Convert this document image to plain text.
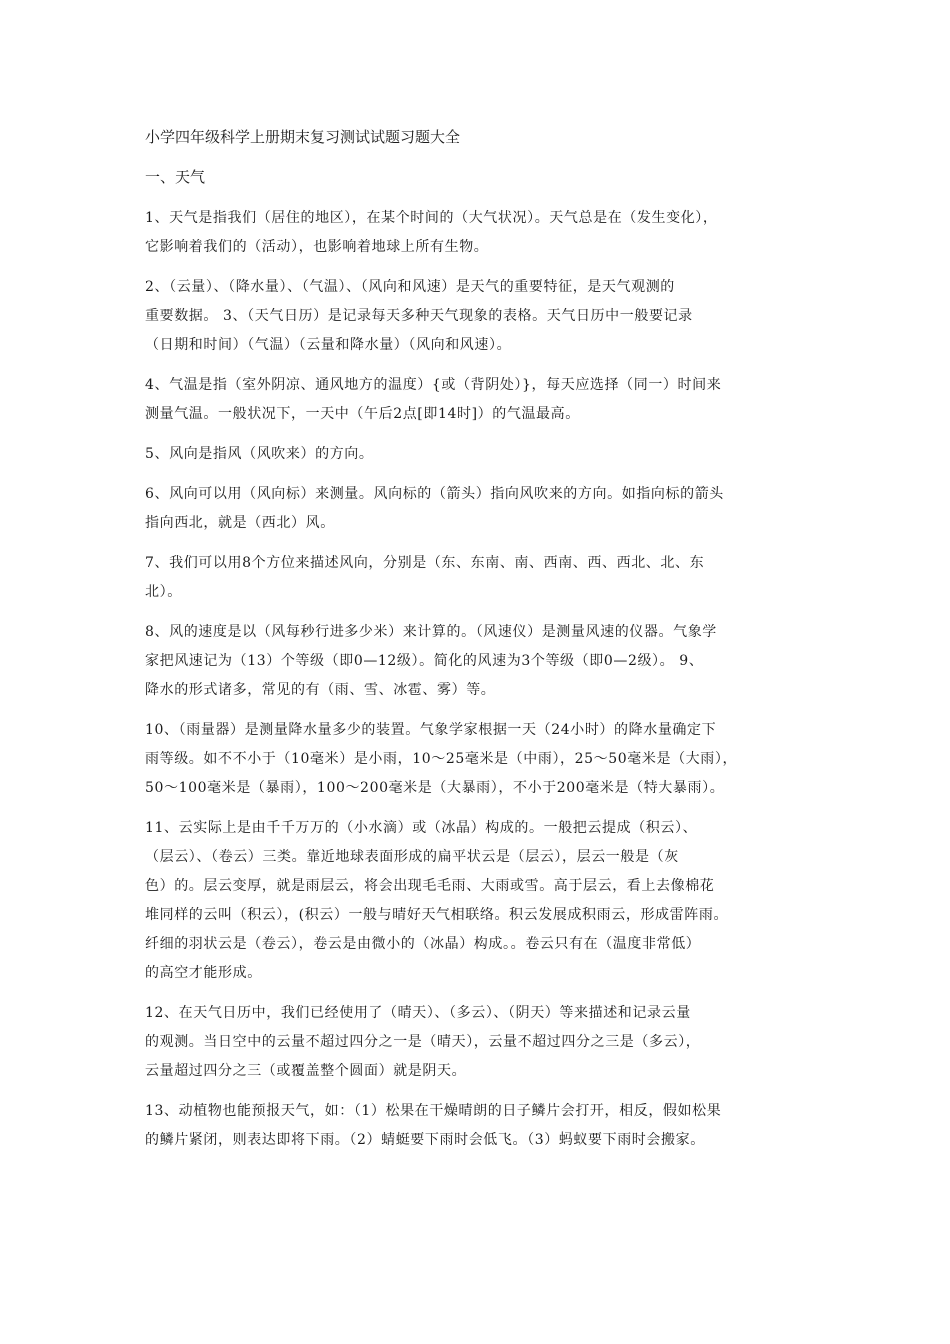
小学四年级科学上册期末复习测试试题习题大全
一、天气
1、天气是指我们（居住的地区），在某个时间的（大气状况）。天气总是在（发生变化），
它影响着我们的（活动），也影响着地球上所有生物。
2、（云量）、（降水量）、（气温）、（风向和风速）是天气的重要特征，是天气观测的
重要数据。 3、（天气日历）是记录每天多种天气现象的表格。天气日历中一般要记录
（日期和时间）（气温）（云量和降水量）（风向和风速）。
4、气温是指（室外阴凉、通风地方的温度）{或（背阴处）}，每天应选择（同一）时间来
测量气温。一般状况下，一天中（午后2点[即14时]）的气温最高。
5、风向是指风（风吹来）的方向。
6、风向可以用（风向标）来测量。风向标的（箭头）指向风吹来的方向。如指向标的箭头
指向西北，就是（西北）风。
7、我们可以用8个方位来描述风向，分别是（东、东南、南、西南、西、西北、北、东
北）。
8、风的速度是以（风每秒行进多少米）来计算的。（风速仪）是测量风速的仪器。气象学
家把风速记为（13）个等级（即0—12级）。简化的风速为3个等级（即0—2级）。 9、
降水的形式诸多，常见的有（雨、雪、冰雹、雾）等。
10、（雨量器）是测量降水量多少的装置。气象学家根据一天（24小时）的降水量确定下
雨等级。如不不小于（10毫米）是小雨，10～25毫米是（中雨），25～50毫米是（大雨），
50～100毫米是（暴雨），100～200毫米是（大暴雨），不小于200毫米是（特大暴雨）。
11、云实际上是由千千万万的（小水滴）或（冰晶）构成的。一般把云提成（积云）、
（层云）、（卷云）三类。靠近地球表面形成的扁平状云是（层云），层云一般是（灰
色）的。层云变厚，就是雨层云，将会出现毛毛雨、大雨或雪。高于层云，看上去像棉花
堆同样的云叫（积云），(积云）一般与晴好天气相联络。积云发展成积雨云，形成雷阵雨。
纤细的羽状云是（卷云），卷云是由微小的（冰晶）构成。。卷云只有在（温度非常低）
的高空才能形成。
12、在天气日历中，我们已经使用了（晴天）、（多云）、（阴天）等来描述和记录云量
的观测。当日空中的云量不超过四分之一是（晴天），云量不超过四分之三是（多云），
云量超过四分之三（或覆盖整个圆面）就是阴天。
13、动植物也能预报天气，如：（1）松果在干燥晴朗的日子鳞片会打开，相反，假如松果
的鳞片紧闭，则表达即将下雨。（2）蜻蜓要下雨时会低飞。（3）蚂蚁要下雨时会搬家。
